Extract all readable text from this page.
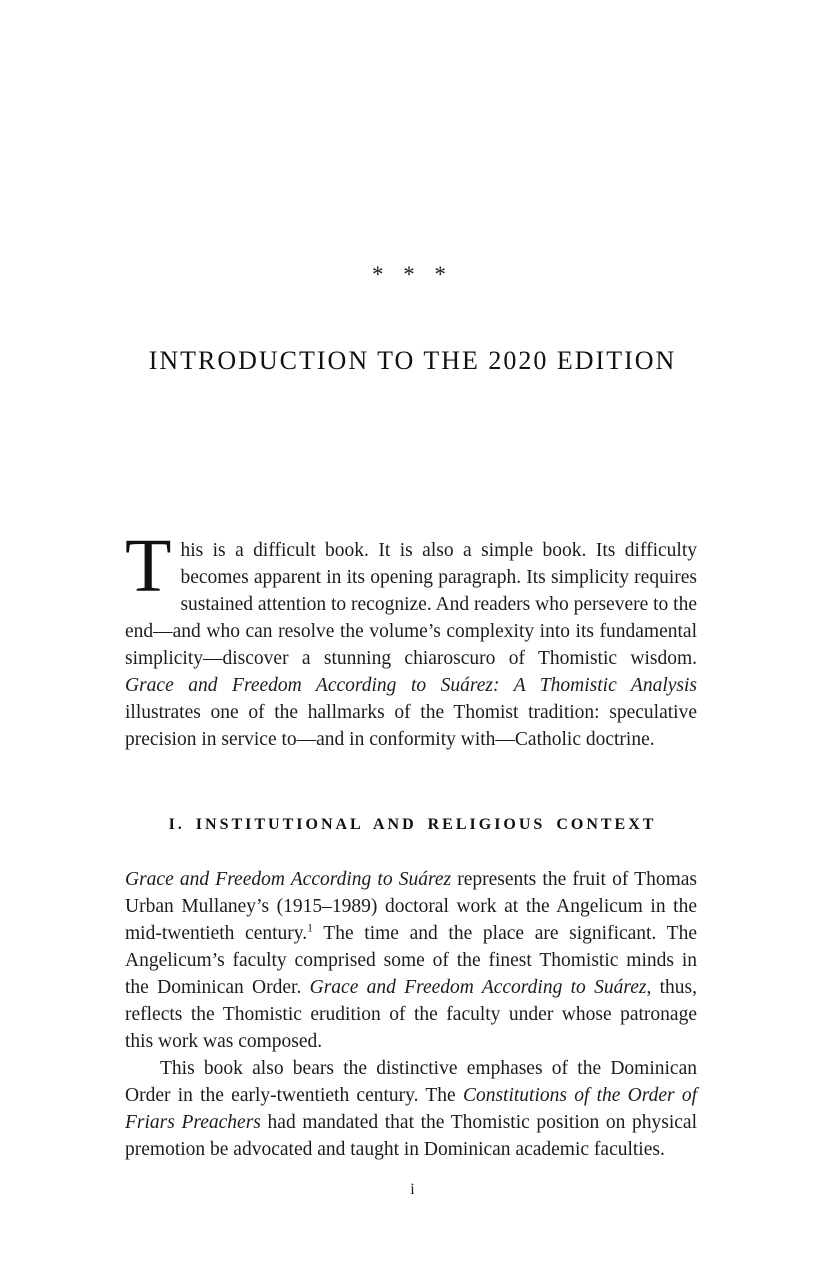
* * *
INTRODUCTION TO THE 2020 EDITION

This is a difficult book. It is also a simple book. Its difficulty becomes apparent in its opening paragraph. Its simplicity requires sustained attention to recognize. And readers who persevere to the end—and who can resolve the volume’s complexity into its fundamental simplicity—discover a stunning chiaroscuro of Thomistic wisdom. Grace and Freedom According to Suárez: A Thomistic Analysis illustrates one of the hallmarks of the Thomist tradition: speculative precision in service to—and in conformity with—Catholic doctrine.

I. INSTITUTIONAL AND RELIGIOUS CONTEXT

Grace and Freedom According to Suárez represents the fruit of Thomas Urban Mullaney’s (1915–1989) doctoral work at the Angelicum in the mid-twentieth century.$^1$ The time and the place are significant. The Angelicum’s faculty comprised some of the finest Thomistic minds in the Dominican Order. Grace and Freedom According to Suárez, thus, reflects the Thomistic erudition of the faculty under whose patronage this work was composed.

This book also bears the distinctive emphases of the Dominican Order in the early-twentieth century. The Constitutions of the Order of Friars Preachers had mandated that the Thomistic position on physical premotion be advocated and taught in Dominican academic faculties.

i
